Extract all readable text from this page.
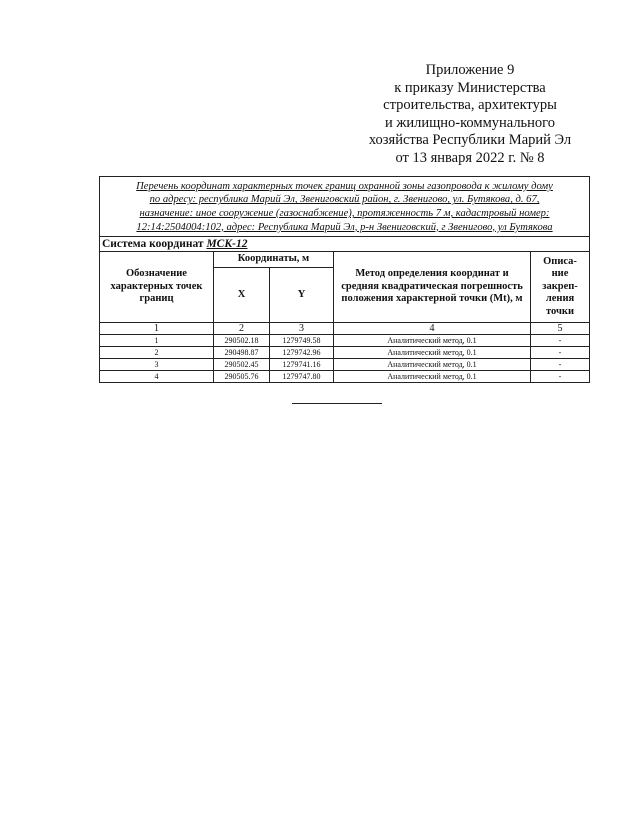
Приложение 9
к приказу Министерства
строительства, архитектуры
и жилищно-коммунального
хозяйства Республики Марий Эл
от 13 января 2022 г. № 8
Перечень координат характерных точек границ охранной зоны газопровода к жилому дому
по адресу: республика Марий Эл, Звениговский район, г. Звенигово, ул. Бутякова, д. 67,
назначение: иное сооружение (газоснабжение), протяженность 7 м, кадастровый номер:
12:14:2504004:102, адрес: Республика Марий Эл, р-н Звениговский, г Звенигово, ул Бутякова				

Система координат МСК-12				
Обозначение характерных точек границ	Координаты, м		Метод определения координат и средняя квадратическая погрешность положения характерной точки (Mt), м	Описа-ние закреп-ления точки
	X	Y		
1	2	3	4	5
1	290502.18	1279749.58	Аналитический метод, 0.1	-
2	290498.87	1279742.96	Аналитический метод, 0.1	-
3	290502.45	1279741.16	Аналитический метод, 0.1	-
4	290505.76	1279747.80	Аналитический метод, 0.1	-
